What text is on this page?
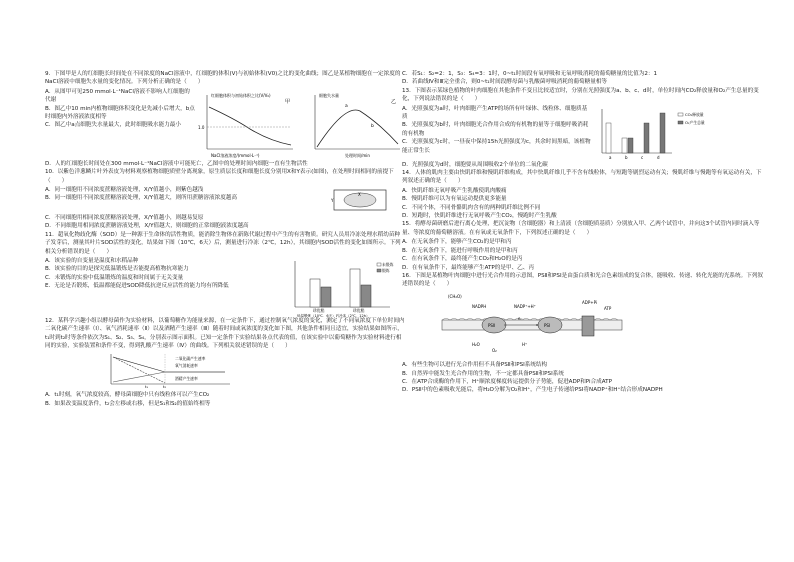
9．下图甲是人的红细胞长时间处在不同浓度的NaCl溶液中，红细胞的体积(V)与初始体积(V0)之比的变化曲线；图乙是某植物细胞在一定浓度的NaCl溶液中细胞失水量的变化情况。下列分析正确的是（　　）

A．从图甲可见250 mmol·L⁻¹NaCl溶液不影响人红细胞的代谢

B．图乙中10 min内植物细胞体积变化是先减小后增大，b点时细胞内外溶液浓度相等

C．图乙中a点细胞失水量最大，此时细胞吸水能力最小	1.0
红细胞体积与初始体积之比(V/V₀)
NaCl溶液浓度/(mmol·L⁻¹)
甲
a
b
细胞失水量
处理时间/min
乙

D．人的红细胞长时间处在300 mmol·L⁻¹NaCl溶液中可能死亡，乙图中的处理时间内细胞一直有生物活性

10．以紫色洋葱鳞片叶外表皮为材料观察植物细胞质壁分离现象，原生质层长度和细胞长度分别用X和Y表示(如图)，在处理时间相同的前提下（　　）

A．同一细胞用不同浓度蔗糖溶液处理，X/Y值越小，则紫色越浅

B．同一细胞用不同浓度蔗糖溶液处理，X/Y值越大，则所用蔗糖溶液浓度越高

X
Y

C．不同细胞用相同浓度蔗糖溶液处理，X/Y值越小，则越易复原

D．不同细胞用相同浓度蔗糖溶液处理，X/Y值越大，则细胞的正常细胞液浓度越高

11．超氧化物歧化酶（SOD）是一种源于生命体的活性物质，能消除生物体在新陈代谢过程中产生的有害物质。研究人员用冷冻处理水稻幼苗种子发芽后，测量其叶片SOD活性的变化，结果如下图（10℃，6天）后，测量进行冷冻（2℃，12h），其细胞内SOD活性的变化如图所示。下列相关分析错误的是（　　）

A．该实验的自变量是温度和水稻品种

B．该实验的目的是探究低温锻炼是否能提高植物抗寒能力

C．未锻炼的实验中低温锻炼的温度和时间属于无关变量

E．无论是否锻炼，低温都能促进SOD降低抗逆反应活性的能力均有所降低

未锻炼
锻炼
珍优稻	珍优稻
低温锻炼（10℃，6天）后冷冻（2℃，12h）

12．某科学兴趣小组以酵母菌作为实验材料，以葡萄糖作为能量来源，在一定条件下，通过控制氧气浓度的变化，测定了不同氧浓度下单位时间内二氧化碳产生速率（Ⅰ）、氧气消耗速率（Ⅱ）以及酒精产生速率（Ⅲ）随着时间或氧浓度的变化如下图，其他条件相同且适宜，实验结果如图所示，t₁时到t₂时等条件依次为S₁、S₂、S₃、S₄，分别表示图示面积。已知一定条件下实验结果各点代表的值，在该实验中以葡萄糖作为实验材料进行相同的实验，实验装置和条件不变，得到乳酸产生速率（Ⅳ）的曲线。下列相关叙述错误的是（　　）

二氧化碳产生速率
氧气消耗速率
酒精产生速率
t₁	t₂

A．t₁时刻，氧气浓度较高，酵母菌细胞中只有线粒体可以产生CO₂

B．如果改变温度条件，t₂会左移或右移，但是S₁和S₂的值始终相等

C．若S₁：S₂=2：1，S₃：S₄=3：1时，0~t₁时间段有氧呼吸和无氧呼吸消耗的葡萄糖量的比值为2：1

D．若曲线Ⅳ和Ⅲ完全重合，则0~t₁时间段酵母菌与乳酸菌呼吸消耗的葡萄糖量相等

13．下图表示某绿色植物的叶肉细胞在其他条件不变且比较适宜时，分别在光照强度为a、b、c、d时，单位时间内CO₂释放量和O₂产生总量的变化，下列说法错误的是（　　）

A．光照强度为a时，叶肉细胞产生ATP的场所有叶绿体、线粒体、细胞质基质

B．光照强度为b时，叶肉细胞光合作用合成的有机物的量等于细胞呼吸消耗的有机物

C．光照强度为c时，一昼夜中保持15h光照强度为c，其余时间黑暗，该植物能正常生长

a	b	c	d
CO₂释放量
O₂产生总量

D．光照强度为d时，细胞要从周围吸收2个单位的二氧化碳

14．人体的肌肉主要由快肌纤维和慢肌纤维构成，其中快肌纤维几乎不含有线粒体，与短跑等剧烈运动有关；慢肌纤维与慢跑等有氧运动有关，下列叙述正确的是（　　）

A．快肌纤维无氧呼吸产生乳酸使肌肉酸痛

B．慢肌纤维可以为有氧运动提供更多能量

C．不同个体，不同骨骼肌肉含有的两种肌纤维比例不同

D．短跑时，快肌纤维进行无氧呼吸产生CO₂，慢跑时产生乳酸

15．将酵母菌研磨后进行离心处理，把沉淀物（含细胞器）和上清液（含细胞质基质）分别放入甲、乙两个试管中，并向这3个试管内同时滴入等量、等浓度的葡萄糖溶液。在有氧或无氧条件下，下列叙述正确的是（　　）

A．在无氧条件下，能够产生CO₂的是甲和丙

B．在无氧条件下，能进行呼吸作用的是甲和丙

C．在有氧条件下，最终能产生CO₂和H₂O的是丙

D．在有氧条件下，最终能够产生ATP的是甲、乙、丙

16．下图是某植物叶肉细胞中进行光合作用的示意图，PSⅡ和PSⅠ是由蛋白质和光合色素组成的复合体，能吸收、传递、转化光能的光系统。下列叙述错误的是（　　）

PSⅡ	PSⅠ
(CH₂O)
NADPH	NADP⁺+H⁺
ADP+Pi
ATP
H₂O
O₂
H⁺
e⁻

A．有些生物可以进行光合作用但不具备PSⅡ和PSⅠ系统结构

B．自然界中能发生光合作用的生物，不一定都具备PSⅡ和PSⅠ系统

C．在ATP合成酶的作用下，H⁺顺浓度梯度转运提供分子势能，促进ADP和Pi合成ATP

D．PSⅡ中的色素吸收光能后，将H₂O分解为O₂和H⁺，产生电子传递给PSⅠ将NADP⁺和H⁺结合形成NADPH
